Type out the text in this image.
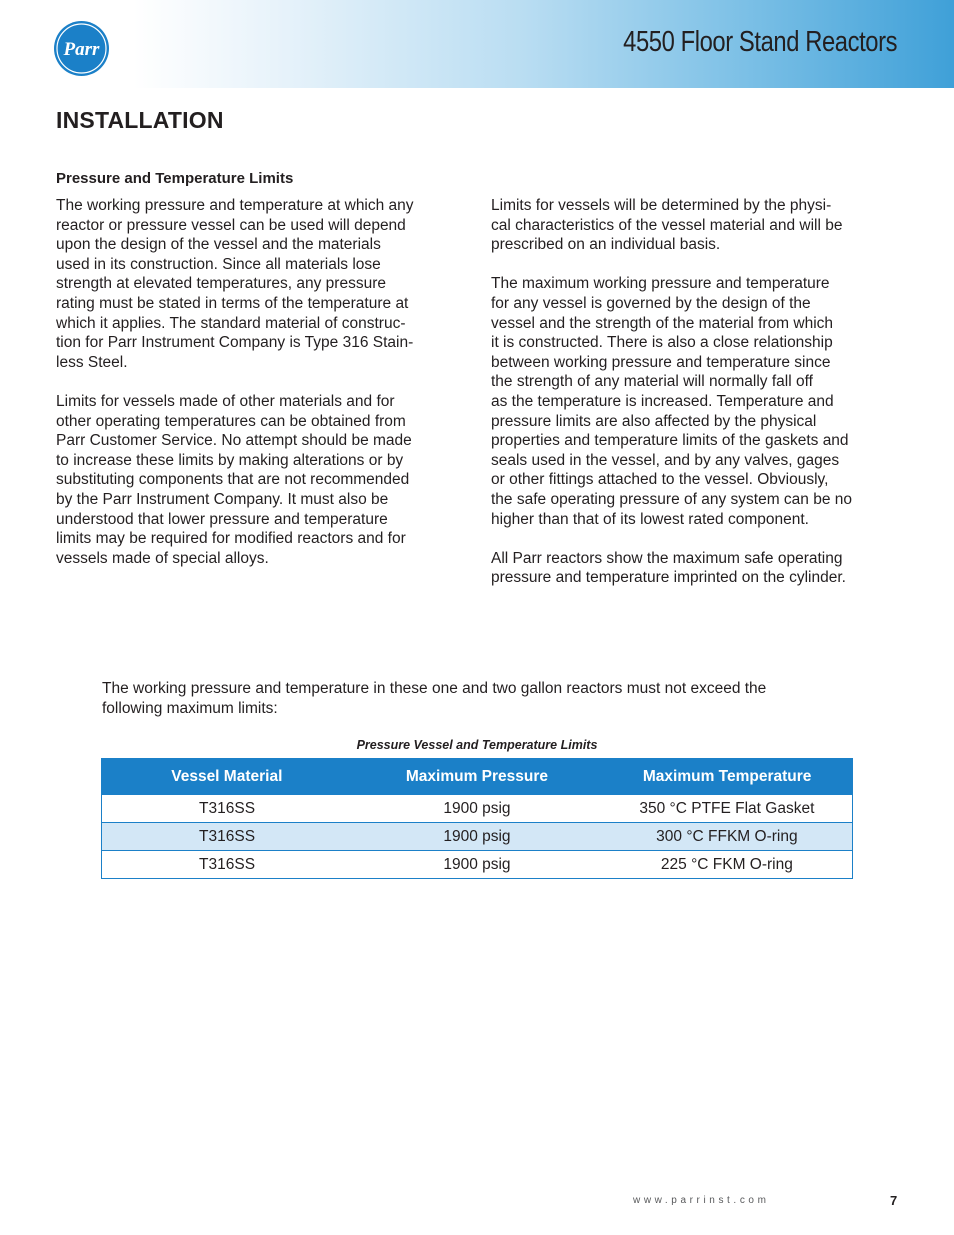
Parr	4550 Floor Stand Reactors
INSTALLATION
Pressure and Temperature Limits

The working pressure and temperature at which any
reactor or pressure vessel can be used will depend
upon the design of the vessel and the materials
used in its construction. Since all materials lose
strength at elevated temperatures, any pressure
rating must be stated in terms of the temperature at
which it applies. The standard material of construc-
tion for Parr Instrument Company is Type 316 Stain-
less Steel.

Limits for vessels made of other materials and for
other operating temperatures can be obtained from
Parr Customer Service. No attempt should be made
to increase these limits by making alterations or by
substituting components that are not recommended
by the Parr Instrument Company. It must also be
understood that lower pressure and temperature
limits may be required for modified reactors and for
vessels made of special alloys.

Limits for vessels will be determined by the physi-
cal characteristics of the vessel material and will be
prescribed on an individual basis.

The maximum working pressure and temperature
for any vessel is governed by the design of the
vessel and the strength of the material from which
it is constructed. There is also a close relationship
between working pressure and temperature since
the strength of any material will normally fall off
as the temperature is increased. Temperature and
pressure limits are also affected by the physical
properties and temperature limits of the gaskets and
seals used in the vessel, and by any valves, gages
or other fittings attached to the vessel. Obviously,
the safe operating pressure of any system can be no
higher than that of its lowest rated component.

All Parr reactors show the maximum safe operating
pressure and temperature imprinted on the cylinder.

The working pressure and temperature in these one and two gallon reactors must not exceed the
following maximum limits:

Pressure Vessel and Temperature Limits
Vessel Material	Maximum Pressure	Maximum Temperature
T316SS	1900 psig	350 °C PTFE Flat Gasket
T316SS	1900 psig	300 °C FFKM O-ring
T316SS	1900 psig	225 °C FKM O-ring
www.parrinst.com	7
